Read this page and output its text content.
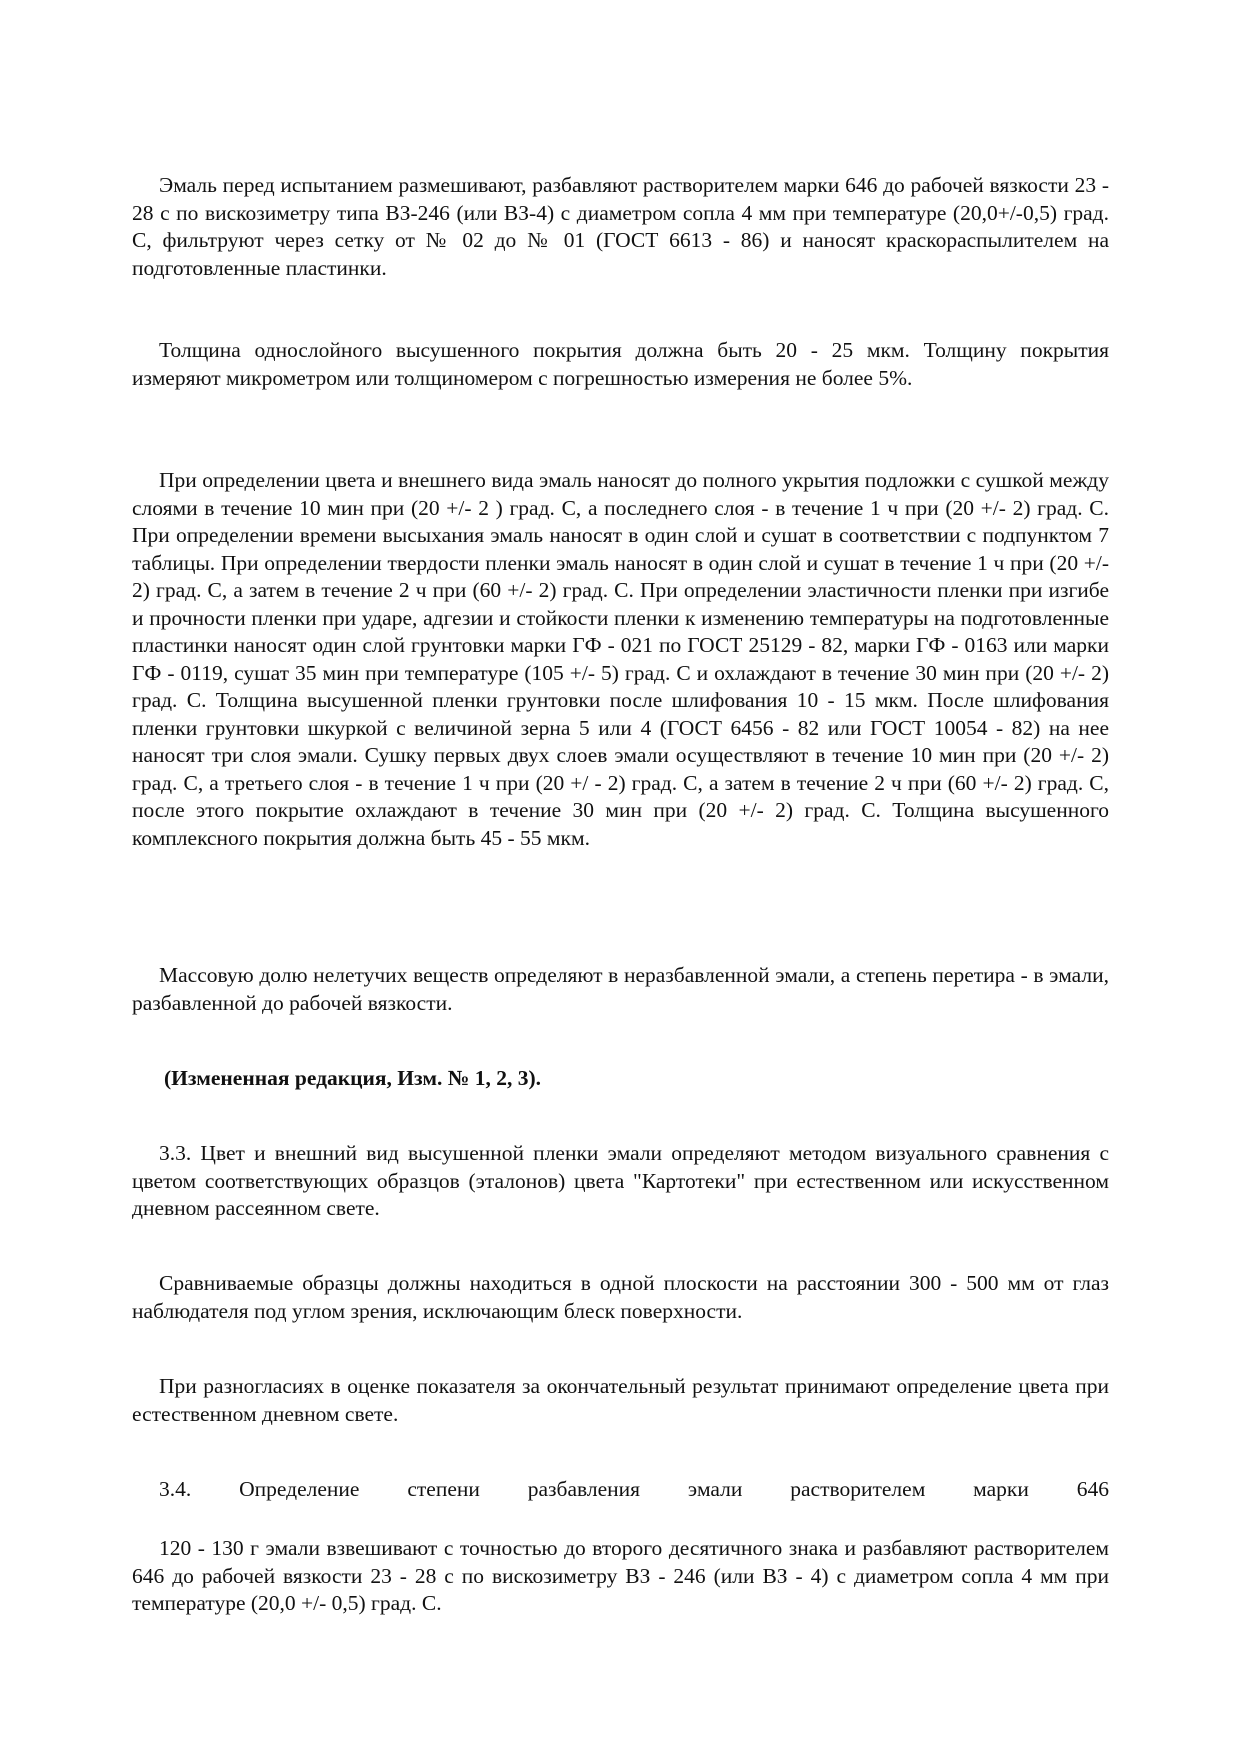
Эмаль перед испытанием размешивают, разбавляют растворителем марки 646 до рабочей вязкости 23 - 28 с по вискозиметру типа ВЗ-246 (или ВЗ-4) с диаметром сопла 4 мм при температуре (20,0+/-0,5) град. С, фильтруют через сетку от № 02 до № 01 (ГОСТ 6613 - 86) и наносят краскораспылителем на подготовленные пластинки.

Толщина однослойного высушенного покрытия должна быть 20 - 25 мкм. Толщину покрытия измеряют микрометром или толщиномером с погрешностью измерения не более 5%.

При определении цвета и внешнего вида эмаль наносят до полного укрытия подложки с сушкой между слоями в течение 10 мин при (20 +/- 2 ) град. С, а последнего слоя - в течение 1 ч при (20 +/- 2) град. С. При определении времени высыхания эмаль наносят в один слой и сушат в соответствии с подпунктом 7 таблицы. При определении твердости пленки эмаль наносят в один слой и сушат в течение 1 ч при (20 +/- 2) град. С, а затем в течение 2 ч при (60 +/- 2) град. С. При определении эластичности пленки при изгибе и прочности пленки при ударе, адгезии и стойкости пленки к изменению температуры на подготовленные пластинки наносят один слой грунтовки марки ГФ - 021 по ГОСТ 25129 - 82, марки ГФ - 0163 или марки ГФ - 0119, сушат 35 мин при температуре (105 +/- 5) град. С и охлаждают в течение 30 мин при (20 +/- 2) град. С. Толщина высушенной пленки грунтовки после шлифования 10 - 15 мкм. После шлифования пленки грунтовки шкуркой с величиной зерна 5 или 4 (ГОСТ 6456 - 82 или ГОСТ 10054 - 82) на нее наносят три слоя эмали. Сушку первых двух слоев эмали осуществляют в течение 10 мин при (20 +/- 2) град. С, а третьего слоя - в течение 1 ч при (20 +/ - 2) град. С, а затем в течение 2 ч при (60 +/- 2) град. С, после этого покрытие охлаждают в течение 30 мин при (20 +/- 2) град. С. Толщина высушенного комплексного покрытия должна быть 45 - 55 мкм.

Массовую долю нелетучих веществ определяют в неразбавленной эмали, а степень перетира - в эмали, разбавленной до рабочей вязкости.

(Измененная редакция, Изм. № 1, 2, 3).

3.3. Цвет и внешний вид высушенной пленки эмали определяют методом визуального сравнения с цветом соответствующих образцов (эталонов) цвета "Картотеки" при естественном или искусственном дневном рассеянном свете.

Сравниваемые образцы должны находиться в одной плоскости на расстоянии 300 - 500 мм от глаз наблюдателя под углом зрения, исключающим блеск поверхности.

При разногласиях в оценке показателя за окончательный результат принимают определение цвета при естественном дневном свете.

3.4. Определение степени разбавления эмали растворителем марки 646

120 - 130 г эмали взвешивают с точностью до второго десятичного знака и разбавляют растворителем 646 до рабочей вязкости 23 - 28 с по вискозиметру ВЗ - 246 (или ВЗ - 4) с диаметром сопла 4 мм при температуре (20,0 +/- 0,5) град. С.
